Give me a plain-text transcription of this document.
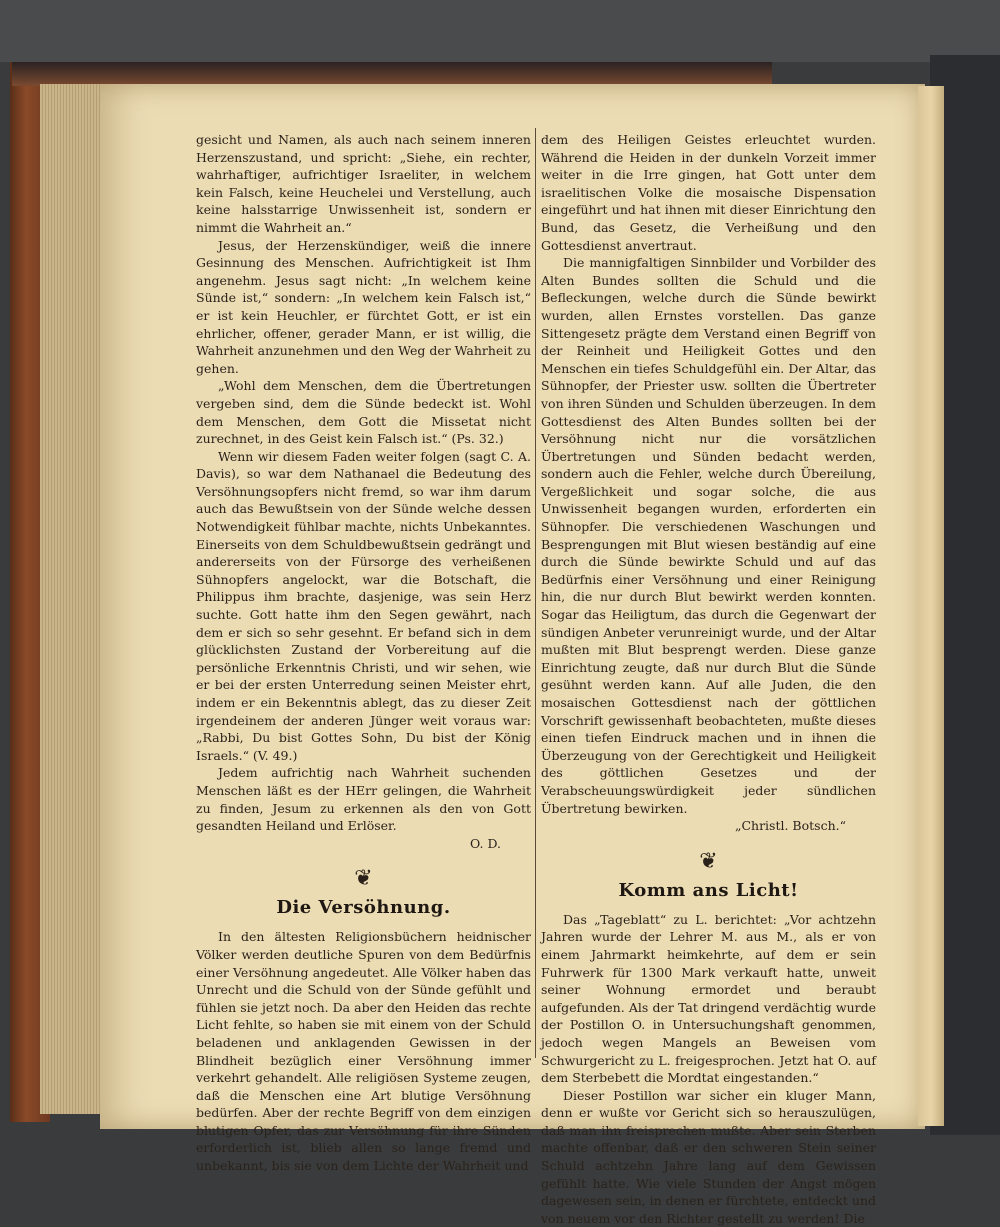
gesicht und Namen, als auch nach seinem inneren Herzenszustand, und spricht: „Siehe, ein rechter, wahrhaftiger, aufrichtiger Israeliter, in welchem kein Falsch, keine Heuchelei und Verstellung, auch keine halsstarrige Unwissenheit ist, sondern er nimmt die Wahrheit an.“

Jesus, der Herzenskündiger, weiß die innere Gesinnung des Menschen. Aufrichtigkeit ist Ihm angenehm. Jesus sagt nicht: „In welchem keine Sünde ist,“ sondern: „In welchem kein Falsch ist,“ er ist kein Heuchler, er fürchtet Gott, er ist ein ehrlicher, offener, gerader Mann, er ist willig, die Wahrheit anzunehmen und den Weg der Wahrheit zu gehen.

„Wohl dem Menschen, dem die Übertretungen vergeben sind, dem die Sünde bedeckt ist. Wohl dem Menschen, dem Gott die Missetat nicht zurechnet, in des Geist kein Falsch ist.“ (Ps. 32.)

Wenn wir diesem Faden weiter folgen (sagt C. A. Davis), so war dem Nathanael die Bedeutung des Versöhnungsopfers nicht fremd, so war ihm darum auch das Bewußtsein von der Sünde welche dessen Notwendigkeit fühlbar machte, nichts Unbekanntes. Einerseits von dem Schuldbewußtsein gedrängt und andererseits von der Fürsorge des verheißenen Sühnopfers angelockt, war die Botschaft, die Philippus ihm brachte, dasjenige, was sein Herz suchte. Gott hatte ihm den Segen gewährt, nach dem er sich so sehr gesehnt. Er befand sich in dem glücklichsten Zustand der Vorbereitung auf die persönliche Erkenntnis Christi, und wir sehen, wie er bei der ersten Unterredung seinen Meister ehrt, indem er ein Bekenntnis ablegt, das zu dieser Zeit irgendeinem der anderen Jünger weit voraus war: „Rabbi, Du bist Gottes Sohn, Du bist der König Israels.“ (V. 49.)

Jedem aufrichtig nach Wahrheit suchenden Menschen läßt es der HErr gelingen, die Wahrheit zu finden, Jesum zu erkennen als den von Gott gesandten Heiland und Erlöser.

O. D.

❦
Die Versöhnung.

In den ältesten Religionsbüchern heidnischer Völker werden deutliche Spuren von dem Bedürfnis einer Versöhnung angedeutet. Alle Völker haben das Unrecht und die Schuld von der Sünde gefühlt und fühlen sie jetzt noch. Da aber den Heiden das rechte Licht fehlte, so haben sie mit einem von der Schuld beladenen und anklagenden Gewissen in der Blindheit bezüglich einer Versöhnung immer verkehrt gehandelt. Alle religiösen Systeme zeugen, daß die Menschen eine Art blutige Versöhnung bedürfen. Aber der rechte Begriff von dem einzigen blutigen Opfer, das zur Versöhnung für ihre Sünden erforderlich ist, blieb allen so lange fremd und unbekannt, bis sie von dem Lichte der Wahrheit und

dem des Heiligen Geistes erleuchtet wurden. Während die Heiden in der dunkeln Vorzeit immer weiter in die Irre gingen, hat Gott unter dem israelitischen Volke die mosaische Dispensation eingeführt und hat ihnen mit dieser Einrichtung den Bund, das Gesetz, die Verheißung und den Gottesdienst anvertraut.

Die mannigfaltigen Sinnbilder und Vorbilder des Alten Bundes sollten die Schuld und die Befleckungen, welche durch die Sünde bewirkt wurden, allen Ernstes vorstellen. Das ganze Sittengesetz prägte dem Verstand einen Begriff von der Reinheit und Heiligkeit Gottes und den Menschen ein tiefes Schuldgefühl ein. Der Altar, das Sühnopfer, der Priester usw. sollten die Übertreter von ihren Sünden und Schulden überzeugen. In dem Gottesdienst des Alten Bundes sollten bei der Versöhnung nicht nur die vorsätzlichen Übertretungen und Sünden bedacht werden, sondern auch die Fehler, welche durch Übereilung, Vergeßlichkeit und sogar solche, die aus Unwissenheit begangen wurden, erforderten ein Sühnopfer. Die verschiedenen Waschungen und Besprengungen mit Blut wiesen beständig auf eine durch die Sünde bewirkte Schuld und auf das Bedürfnis einer Versöhnung und einer Reinigung hin, die nur durch Blut bewirkt werden konnten. Sogar das Heiligtum, das durch die Gegenwart der sündigen Anbeter verunreinigt wurde, und der Altar mußten mit Blut besprengt werden. Diese ganze Einrichtung zeugte, daß nur durch Blut die Sünde gesühnt werden kann. Auf alle Juden, die den mosaischen Gottesdienst nach der göttlichen Vorschrift gewissenhaft beobachteten, mußte dieses einen tiefen Eindruck machen und in ihnen die Überzeugung von der Gerechtigkeit und Heiligkeit des göttlichen Gesetzes und der Verabscheuungswürdigkeit jeder sündlichen Übertretung bewirken.

„Christl. Botsch.“

❦
Komm ans Licht!

Das „Tageblatt“ zu L. berichtet: „Vor achtzehn Jahren wurde der Lehrer M. aus M., als er von einem Jahrmarkt heimkehrte, auf dem er sein Fuhrwerk für 1300 Mark verkauft hatte, unweit seiner Wohnung ermordet und beraubt aufgefunden. Als der Tat dringend verdächtig wurde der Postillon O. in Untersuchungshaft genommen, jedoch wegen Mangels an Beweisen vom Schwurgericht zu L. freigesprochen. Jetzt hat O. auf dem Sterbebett die Mordtat eingestanden.“

Dieser Postillon war sicher ein kluger Mann, denn er wußte vor Gericht sich so herauszulügen, daß man ihn freisprechen mußte. Aber sein Sterben machte offenbar, daß er den schweren Stein seiner Schuld achtzehn Jahre lang auf dem Gewissen gefühlt hatte. Wie viele Stunden der Angst mögen dagewesen sein, in denen er fürchtete, entdeckt und von neuem vor den Richter gestellt zu werden! Die
